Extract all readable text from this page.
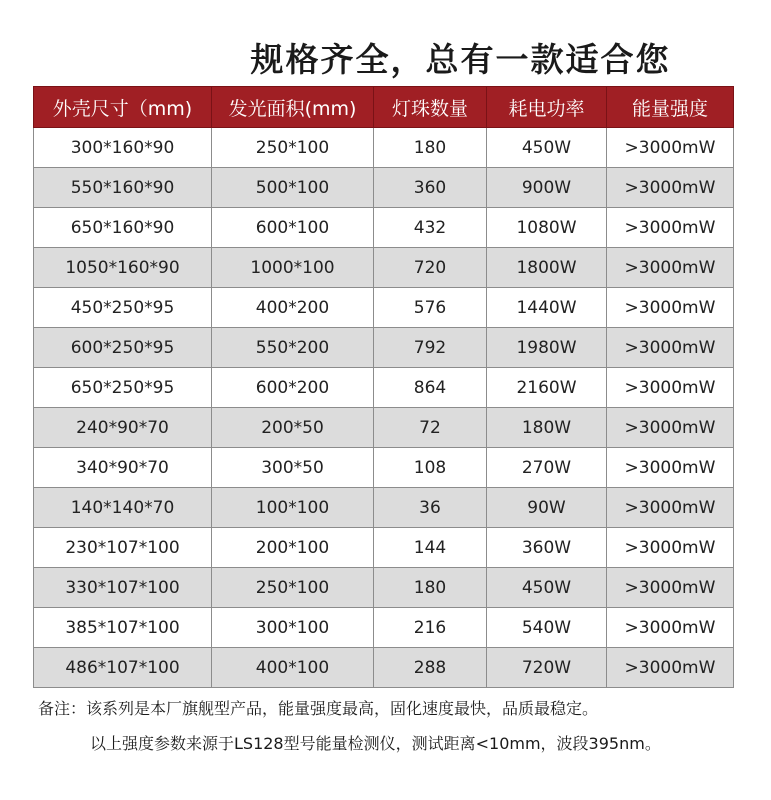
规格齐全，总有一款适合您
外壳尺寸（mm)	发光面积(mm)	灯珠数量	耗电功率	能量强度
300*160*90	250*100	180	450W	>3000mW
550*160*90	500*100	360	900W	>3000mW
650*160*90	600*100	432	1080W	>3000mW
1050*160*90	1000*100	720	1800W	>3000mW
450*250*95	400*200	576	1440W	>3000mW
600*250*95	550*200	792	1980W	>3000mW
650*250*95	600*200	864	2160W	>3000mW
240*90*70	200*50	72	180W	>3000mW
340*90*70	300*50	108	270W	>3000mW
140*140*70	100*100	36	90W	>3000mW
230*107*100	200*100	144	360W	>3000mW
330*107*100	250*100	180	450W	>3000mW
385*107*100	300*100	216	540W	>3000mW
486*107*100	400*100	288	720W	>3000mW
备注：该系列是本厂旗舰型产品，能量强度最高，固化速度最快，品质最稳定。
以上强度参数来源于LS128型号能量检测仪，测试距离<10mm，波段395nm。
